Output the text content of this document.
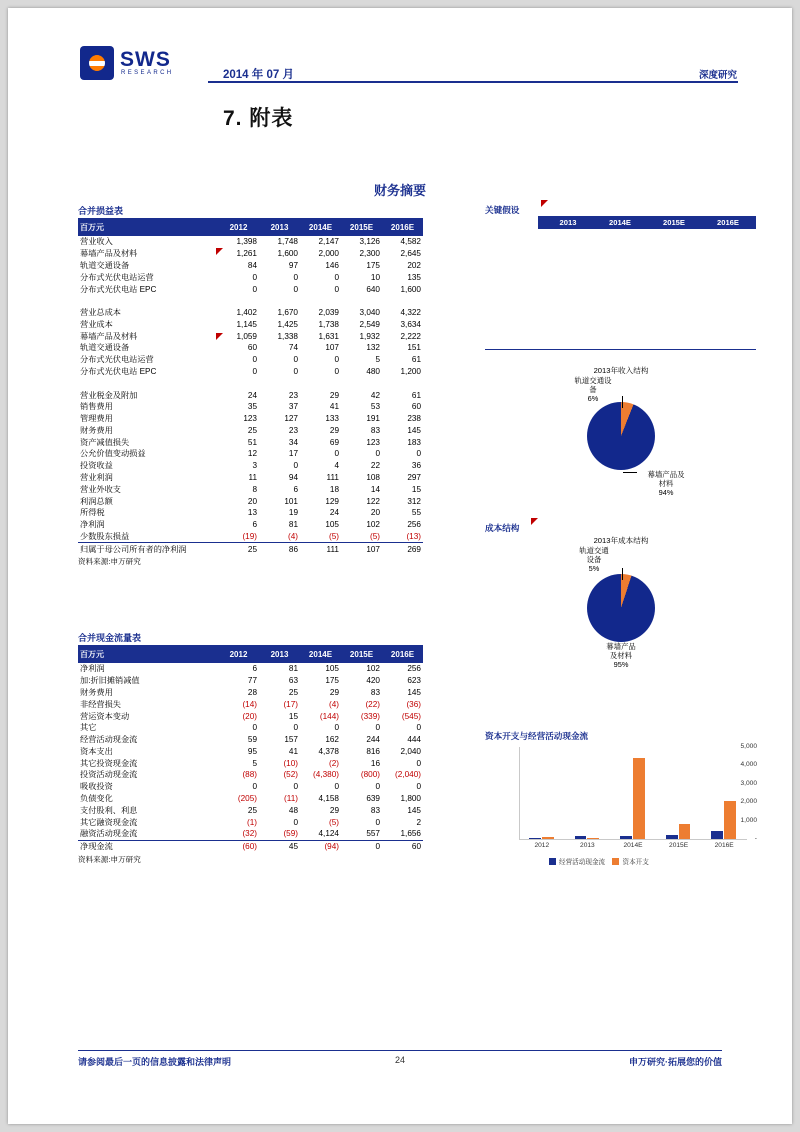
SWS
RESEARCH	2014 年 07 月	深度研究
7. 附表
财务摘要
合并损益表
百万元	2012	2013	2014E	2015E	2016E
营业收入	1,398	1,748	2,147	3,126	4,582
幕墙产品及材料	1,261	1,600	2,000	2,300	2,645
轨道交通设备	84	97	146	175	202
分布式光伏电站运营	0	0	0	10	135
分布式光伏电站 EPC	0	0	0	640	1,600

营业总成本	1,402	1,670	2,039	3,040	4,322
营业成本	1,145	1,425	1,738	2,549	3,634
幕墙产品及材料	1,059	1,338	1,631	1,932	2,222
轨道交通设备	60	74	107	132	151
分布式光伏电站运营	0	0	0	5	61
分布式光伏电站 EPC	0	0	0	480	1,200

营业税金及附加	24	23	29	42	61
销售费用	35	37	41	53	60
管理费用	123	127	133	191	238
财务费用	25	23	29	83	145
资产减值损失	51	34	69	123	183
公允价值变动损益	12	17	0	0	0
投资收益	3	0	4	22	36
营业利润	11	94	111	108	297
营业外收支	8	6	18	14	15
利润总额	20	101	129	122	312
所得税	13	19	24	20	55
净利润	6	81	105	102	256
少数股东损益	(19)	(4)	(5)	(5)	(13)
归属于母公司所有者的净利润	25	86	111	107	269
资料来源:申万研究
合并现金流量表
百万元	2012	2013	2014E	2015E	2016E
净利润	6	81	105	102	256
加:折旧摊销减值	77	63	175	420	623
财务费用	28	25	29	83	145
非经营损失	(14)	(17)	(4)	(22)	(36)
营运资本变动	(20)	15	(144)	(339)	(545)
其它	0	0	0	0	0
经营活动现金流	59	157	162	244	444
资本支出	95	41	4,378	816	2,040
其它投资现金流	5	(10)	(2)	16	0
投资活动现金流	(88)	(52)	(4,380)	(800)	(2,040)
吸收投资	0	0	0	0	0
负债变化	(205)	(11)	4,158	639	1,800
支付股利、利息	25	48	29	83	145
其它融资现金流	(1)	0	(5)	0	2
融资活动现金流	(32)	(59)	4,124	557	1,656
净现金流	(60)	45	(94)	0	60
资料来源:申万研究
关键假设
2013	2014E	2015E	2016E
2013年收入结构
轨道交通设
备
6%
幕墙产品及
材料
94%
成本结构
2013年成本结构
轨道交通
设备
5%
幕墙产品
及材料
95%
资本开支与经营活动现金流
-
1,000
2,000
3,000
4,000
5,000
2012	2013	2014E	2015E	2016E
经营活动现金流	资本开支
请参阅最后一页的信息披露和法律声明	24	申万研究·拓展您的价值
